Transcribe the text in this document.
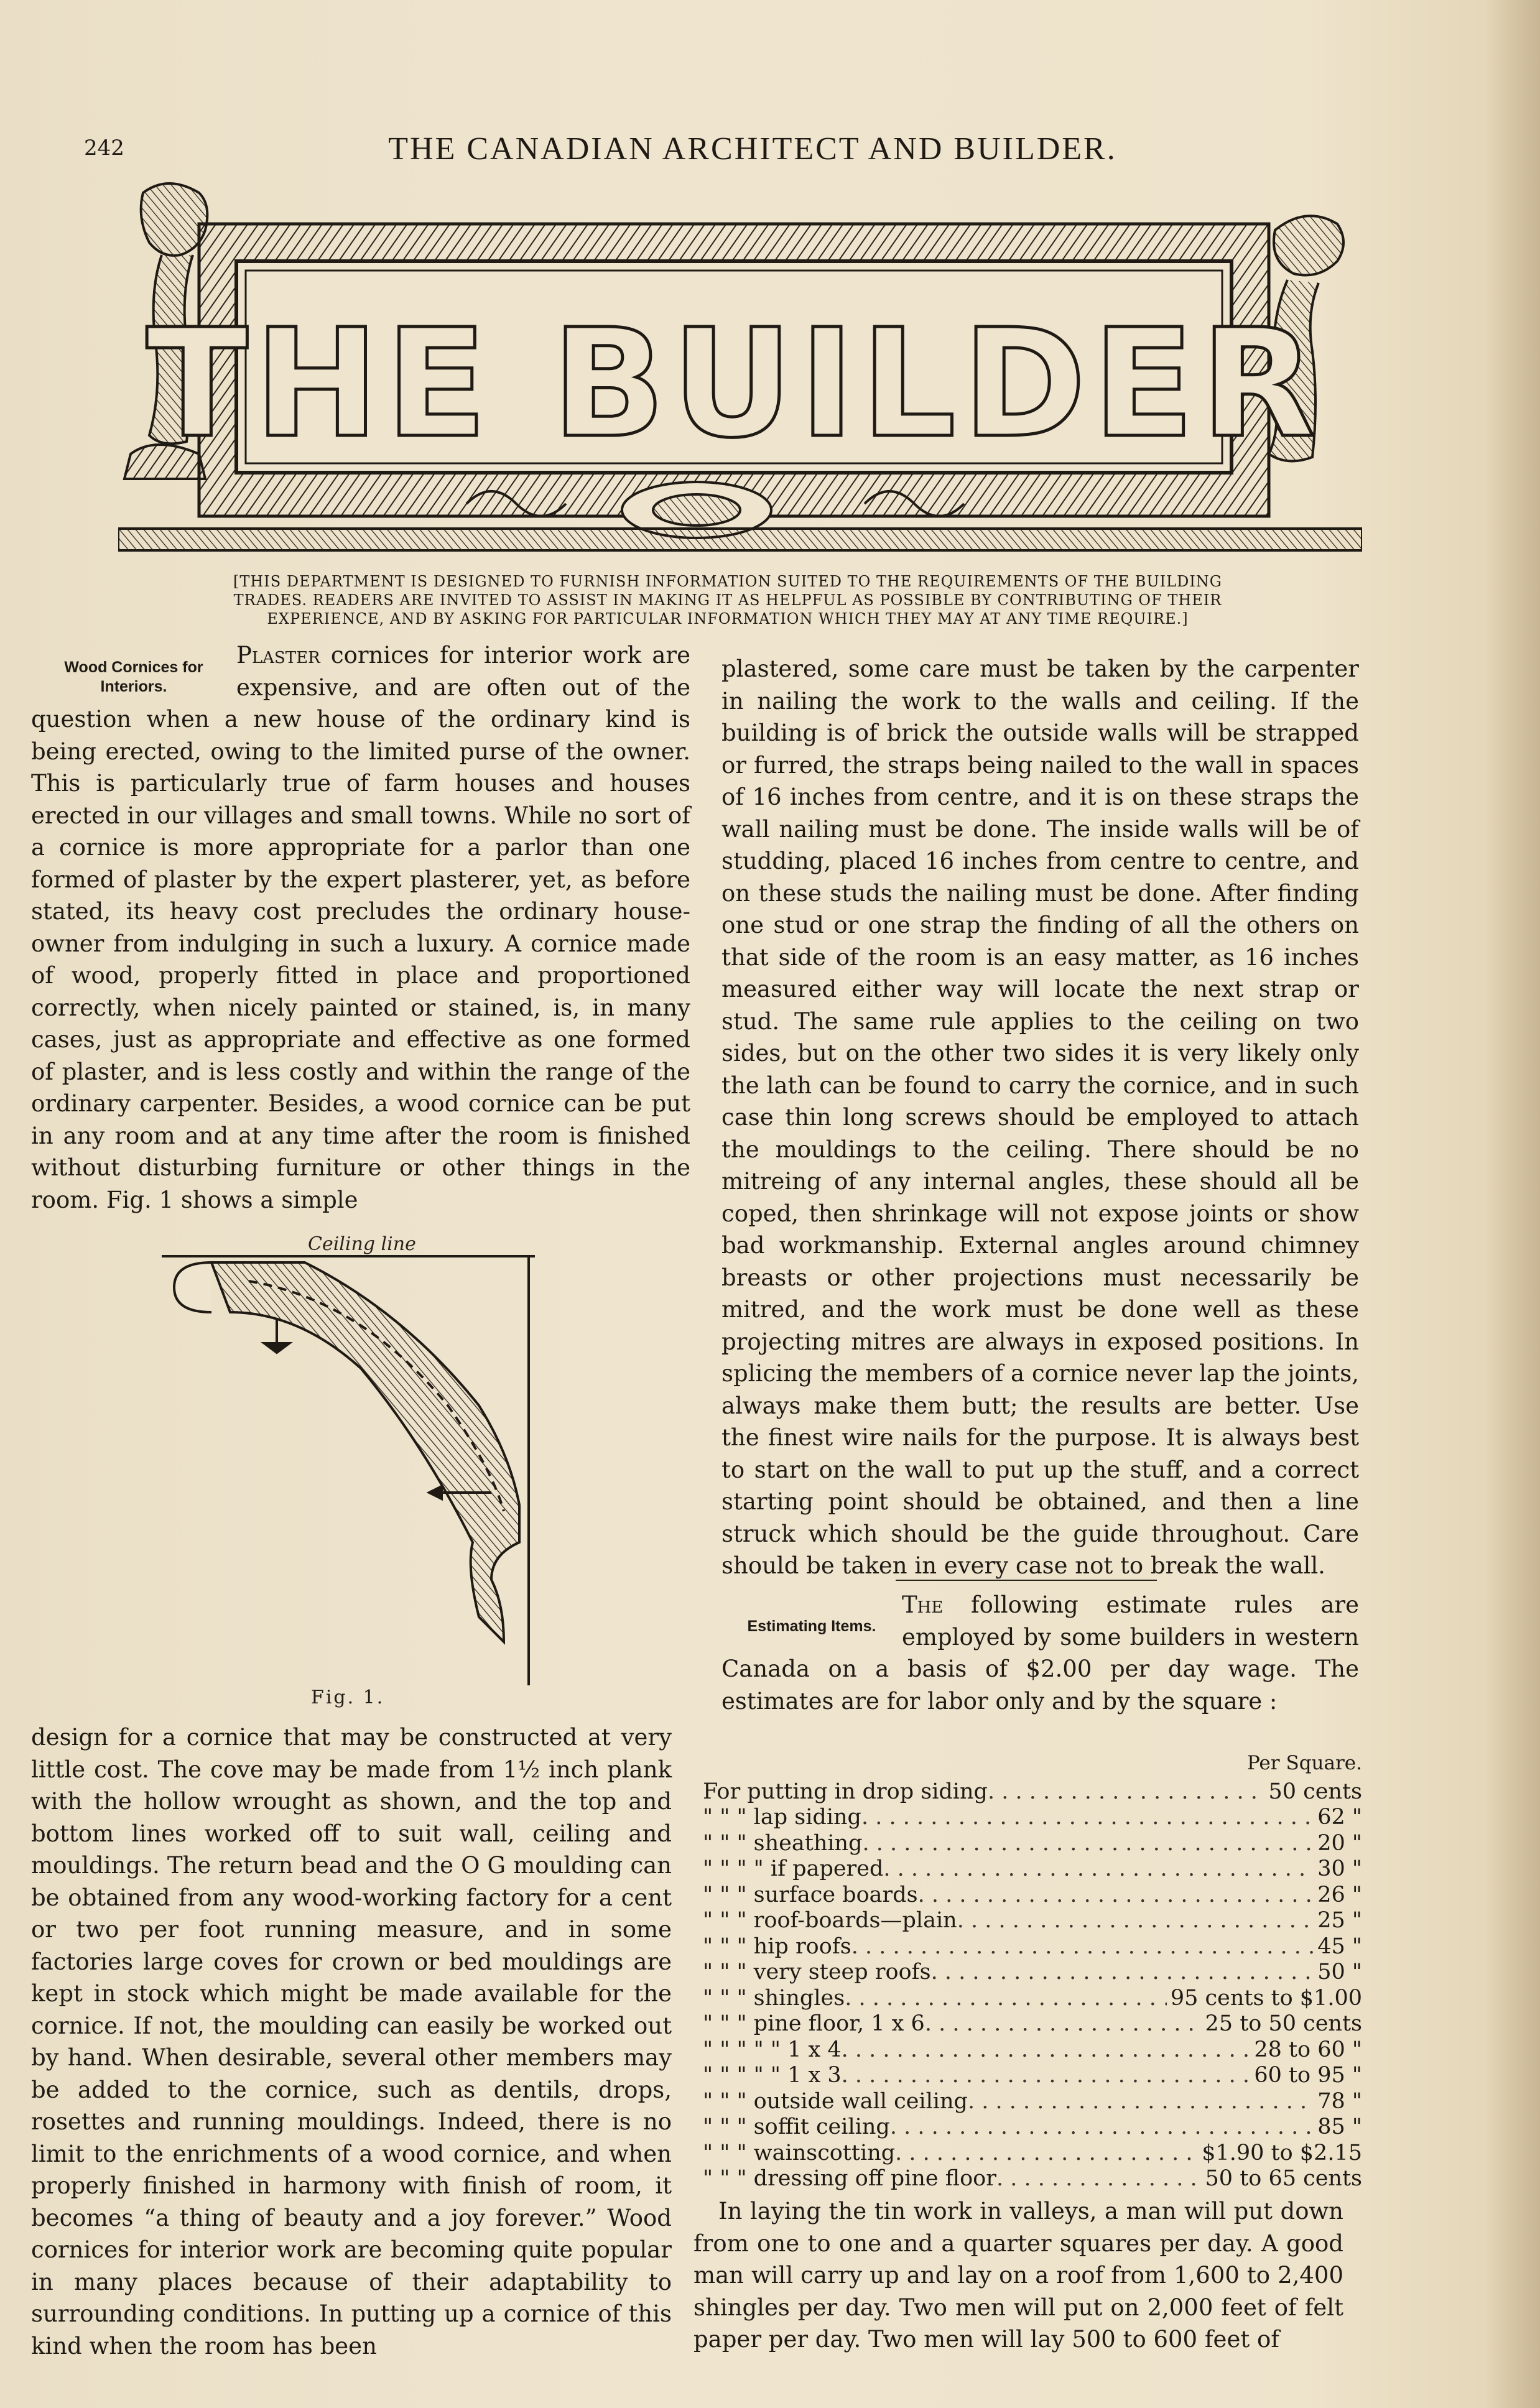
242	THE CANADIAN ARCHITECT AND BUILDER.
THE BUILDER
[THIS DEPARTMENT IS DESIGNED TO FURNISH INFORMATION SUITED TO THE REQUIREMENTS OF THE BUILDING TRADES. READERS ARE INVITED TO ASSIST IN MAKING IT AS HELPFUL AS POSSIBLE BY CONTRIBUTING OF THEIR EXPERIENCE, AND BY ASKING FOR PARTICULAR INFORMATION WHICH THEY MAY AT ANY TIME REQUIRE.]
Wood Cornices for Interiors.

Plaster cornices for interior work are expensive, and are often out of the question when a new house of the ordinary kind is being erected, owing to the limited purse of the owner. This is particularly true of farm houses and houses erected in our villages and small towns. While no sort of a cornice is more appropriate for a parlor than one formed of plaster by the expert plasterer, yet, as before stated, its heavy cost precludes the ordinary house-owner from indulging in such a luxury. A cornice made of wood, properly fitted in place and proportioned correctly, when nicely painted or stained, is, in many cases, just as appropriate and effective as one formed of plaster, and is less costly and within the range of the ordinary carpenter. Besides, a wood cornice can be put in any room and at any time after the room is finished without disturbing furniture or other things in the room. Fig. 1 shows a simple

Ceiling line
Fig. 1.

design for a cornice that may be constructed at very little cost. The cove may be made from 1½ inch plank with the hollow wrought as shown, and the top and bottom lines worked off to suit wall, ceiling and mouldings. The return bead and the O G moulding can be obtained from any wood-working factory for a cent or two per foot running measure, and in some factories large coves for crown or bed mouldings are kept in stock which might be made available for the cornice. If not, the moulding can easily be worked out by hand. When desirable, several other members may be added to the cornice, such as dentils, drops, rosettes and running mouldings. Indeed, there is no limit to the enrichments of a wood cornice, and when properly finished in harmony with finish of room, it becomes “a thing of beauty and a joy forever.” Wood cornices for interior work are becoming quite popular in many places because of their adaptability to surrounding conditions. In putting up a cornice of this kind when the room has been

plastered, some care must be taken by the carpenter in nailing the work to the walls and ceiling. If the building is of brick the outside walls will be strapped or furred, the straps being nailed to the wall in spaces of 16 inches from centre, and it is on these straps the wall nailing must be done. The inside walls will be of studding, placed 16 inches from centre to centre, and on these studs the nailing must be done. After finding one stud or one strap the finding of all the others on that side of the room is an easy matter, as 16 inches measured either way will locate the next strap or stud. The same rule applies to the ceiling on two sides, but on the other two sides it is very likely only the lath can be found to carry the cornice, and in such case thin long screws should be employed to attach the mouldings to the ceiling. There should be no mitreing of any internal angles, these should all be coped, then shrinkage will not expose joints or show bad workmanship. External angles around chimney breasts or other projections must necessarily be mitred, and the work must be done well as these projecting mitres are always in exposed positions. In splicing the members of a cornice never lap the joints, always make them butt; the results are better. Use the finest wire nails for the purpose. It is always best to start on the wall to put up the stuff, and a correct starting point should be obtained, and then a line struck which should be the guide throughout. Care should be taken in every case not to break the wall.

Estimating Items.

The following estimate rules are employed by some builders in western Canada on a basis of $2.00 per day wage. The estimates are for labor only and by the square :

Per Square.
For putting in drop siding . . .	50 cents
" " " lap siding . . .	62 "
" " " sheathing . . .	20 "
" " " " if papered . . .	30 "
" " " surface boards . . .	26 "
" " " roof-boards—plain . . .	25 "
" " " hip roofs . . .	45 "
" " " very steep roofs . . .	50 "
" " " shingles . . .	95 cents to $1.00
" " " pine floor, 1 x 6 . . .	25 to 50 cents
" " " " " 1 x 4 . . .	28 to 60 "
" " " " " 1 x 3 . . .	60 to 95 "
" " " outside wall ceiling . . .	78 "
" " " soffit ceiling . . .	85 "
" " " wainscotting . . .	$1.90 to $2.15
" " " dressing off pine floor . . .	50 to 65 cents

In laying the tin work in valleys, a man will put down from one to one and a quarter squares per day. A good man will carry up and lay on a roof from 1,600 to 2,400 shingles per day. Two men will put on 2,000 feet of felt paper per day. Two men will lay 500 to 600 feet of
